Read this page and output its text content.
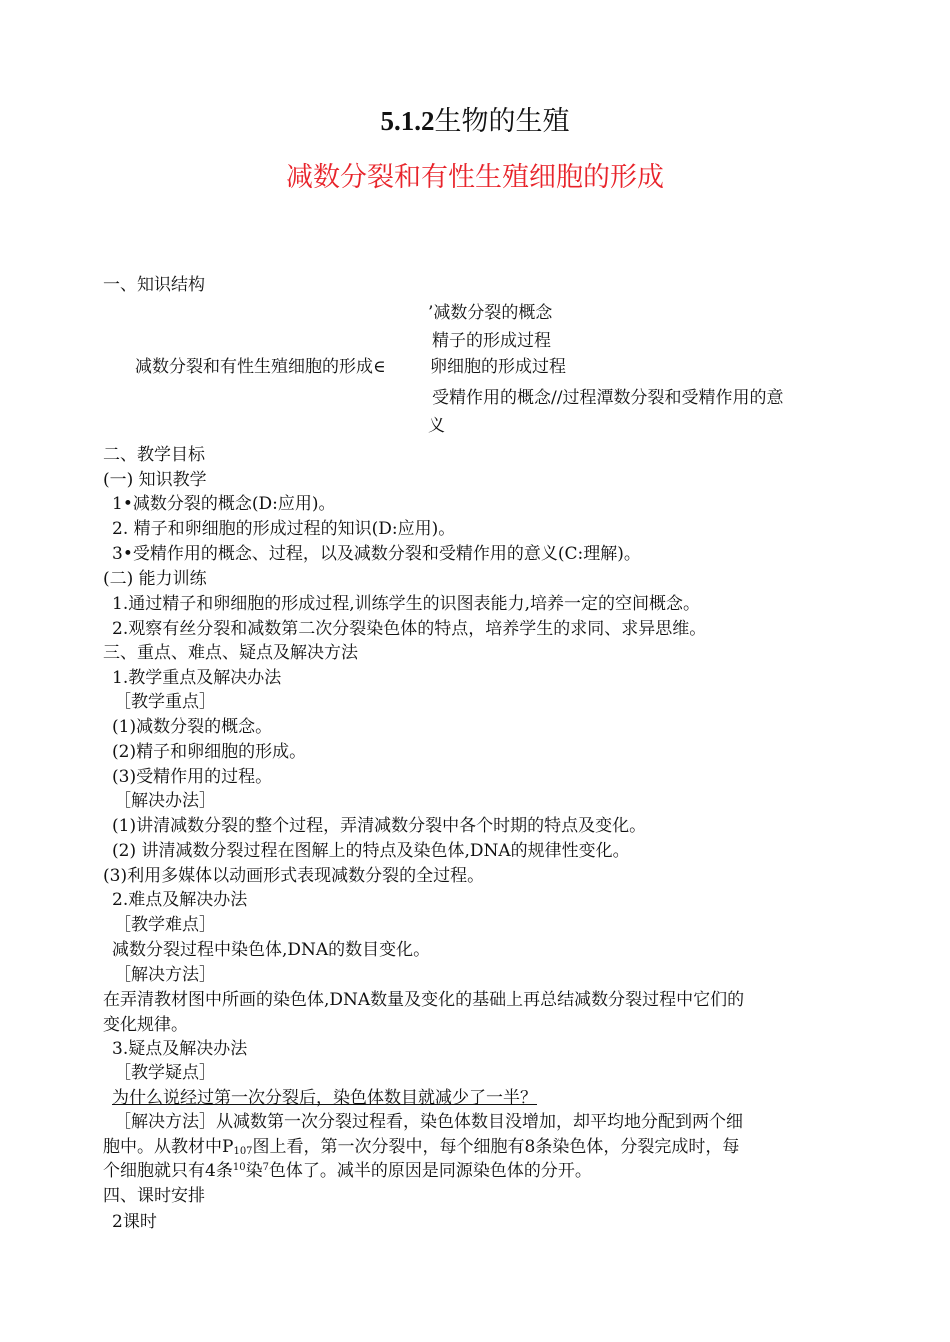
5.1.2生物的生殖
减数分裂和有性生殖细胞的形成
一、知识结构
’减数分裂的概念
精子的形成过程
减数分裂和有性生殖细胞的形成∈	卵细胞的形成过程
受精作用的概念//过程潭数分裂和受精作用的意
义
二、教学目标
(一) 知识教学
1•减数分裂的概念(D:应用)。
2. 精子和卵细胞的形成过程的知识(D:应用)。
3•受精作用的概念、过程，以及减数分裂和受精作用的意义(C:理解)。
(二) 能力训练
1.通过精子和卵细胞的形成过程,训练学生的识图表能力,培养一定的空间概念。
2.观察有丝分裂和减数第二次分裂染色体的特点，培养学生的求同、求异思维。
三、重点、难点、疑点及解决方法
1.教学重点及解决办法
［教学重点］
(1)减数分裂的概念。
(2)精子和卵细胞的形成。
(3)受精作用的过程。
［解决办法］
(1)讲清减数分裂的整个过程，弄清减数分裂中各个时期的特点及变化。
(2) 讲清减数分裂过程在图解上的特点及染色体,DNA的规律性变化。
(3)利用多媒体以动画形式表现减数分裂的全过程。
2.难点及解决办法
［教学难点］
减数分裂过程中染色体,DNA的数目变化。
［解决方法］
在弄清教材图中所画的染色体,DNA数量及变化的基础上再总结减数分裂过程中它们的
变化规律。
3.疑点及解决办法
［教学疑点］
为什么说经过第一次分裂后，染色体数目就减少了一半？
［解决方法］从减数第一次分裂过程看，染色体数目没增加，却平均地分配到两个细
胞中。从教材中$P_{107}$图上看，第一次分裂中，每个细胞有8条染色体，分裂完成时，每
个细胞就只有4条$^{10}$染$^7$色体了。减半的原因是同源染色体的分开。
四、课时安排
2课时
